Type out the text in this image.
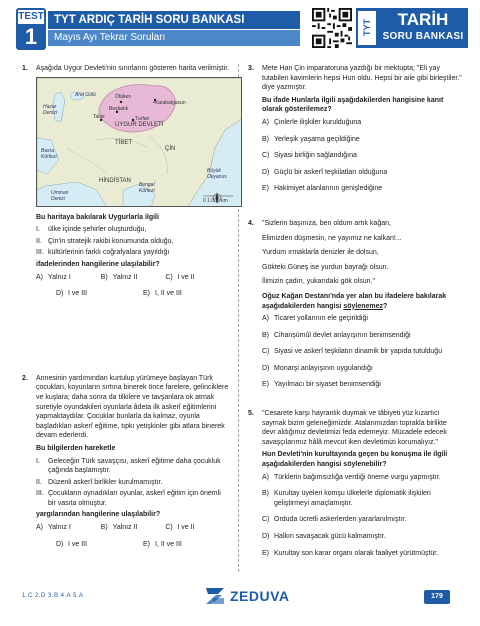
TEST
1
TYT ARDIÇ TARİH SORU BANKASI
Mayıs Ayı Tekrar Soruları
TYT	TARİH
SORU BANKASI
1. Aşağıda Uygur Devleti'nin sınırlarını gösteren harita verilmiştir.
Arel Gölü
Hazar Denizi
Ötüken
•Karabalgasun
Beşbalık
Talas	Turfan
UYGUR DEVLETİ
TİBET
ÇİN
Basra Körfezi
Umman Denizi
HİNDİSTAN
Bengal Körfezi
Büyük Okyanus
0 1.000 km
Bu haritaya bakılarak Uygurlarla ilgili
I. ülke içinde şehirler oluşturduğu,
II. Çin'in stratejik rakibi konumunda olduğu,
III. kültürlerinin farklı coğrafyalara yayıldığı
ifadelerinden hangilerine ulaşılabilir?
A) Yalnız I	B) Yalnız II	C) I ve II
D) I ve III	E) I, II ve III
2. Annesinin yardımından kurtulup yürümeye başlayan Türk çocukları, koyunların sırtına binerek önce farelere, gelinciklere ve kuşlara; daha sonra da tilkilere ve tavşanlara ok atmak suretiyle oyundakileri oyunlarla âdeta ilk askerî eğitimlerini yapmaktaydılar. Çocuklar bunlarla da kalmaz, oyunla başladıkları askerî eğitime, tıpkı yetişkinler gibi atlara binerek devam ederlerdi.
Bu bilgilerden hareketle
I. Geleceğin Türk savaşçısı, askerî eğitime daha çocukluk çağında başlamıştır.
II. Düzenli askerî birlikler kurulmamıştır.
III. Çocukların oynadıkları oyunlar, askerî eğitim için önemli bir vasıta olmuştur.
yargılarından hangilerine ulaşılabilir?
A) Yalnız I	B) Yalnız II	C) I ve II
D) I ve III	E) I, II ve III
3. Mete Han Çin imparatoruna yazdığı bir mektupta; "Eli yay tutabilen kavimlerin hepsi Hun oldu. Hepsi bir aile gibi birleştiler." diye yazmıştır.
Bu ifade Hunlarla ilgili aşağıdakilerden hangisine kanıt olarak gösterilemez?
A) Çinlerle ilişkiler kurulduğuna
B) Yerleşik yaşama geçildiğine
C) Siyasi birliğin sağlandığına
D) Güçlü bir askerî teşkilatları olduğuna
E) Hakimiyet alanlarının genişlediğine
4. "Sizlerin başınıza, ben oldum artık kağan,
Elimizden düşmesin, ne yayımız ne kalkan!...
Yurdum ırmaklarla denizler ile dolsun,
Gökteki Güneş ise yurdun bayrağı olsun.
İlimizin çadırı, yukarıdaki gök olsun."
Oğuz Kağan Destanı'nda yer alan bu ifadelere bakılarak aşağıdakilerden hangisi söylenemez?
A) Ticaret yollarının ele geçirildiği
B) Cihanşümûl devlet anlayışının benimsendiği
C) Siyasi ve askerî teşkilatın dinamik bir yapıda tutulduğu
D) Monarşi anlayışının uygulandığı
E) Yayılmacı bir siyaset benimsendiği
5. "Cesarete karşı hayranlık duymak ve tâbiyeti yüz kızartıcı saymak bizim geleneğimizdir. Atalarımızdan toprakla birlikte devr aldığımız devletimizi feda edemeyiz. Mücadele edecek savaşçılarımız hâlâ mevcut iken devletimizi korumalıyız."
Hun Devleti'nin kurultayında geçen bu konuşma ile ilgili aşağıdakilerden hangisi söylenebilir?
A) Türklerin bağımsızlığa verdiği öneme vurgu yapmıştır.
B) Kurultay üyeleri komşu ülkelerle diplomatik ilişkileri geliştirmeyi amaçlamıştır.
C) Orduda ücretli askerlerden yararlanılmıştır.
D) Halkın savaşacak gücü kalmamıştır.
E) Kurultay son karar organı olarak faaliyet yürütmüştür.
1.C 2.D 3.B 4.A 5.A	ZEDUVA	179
